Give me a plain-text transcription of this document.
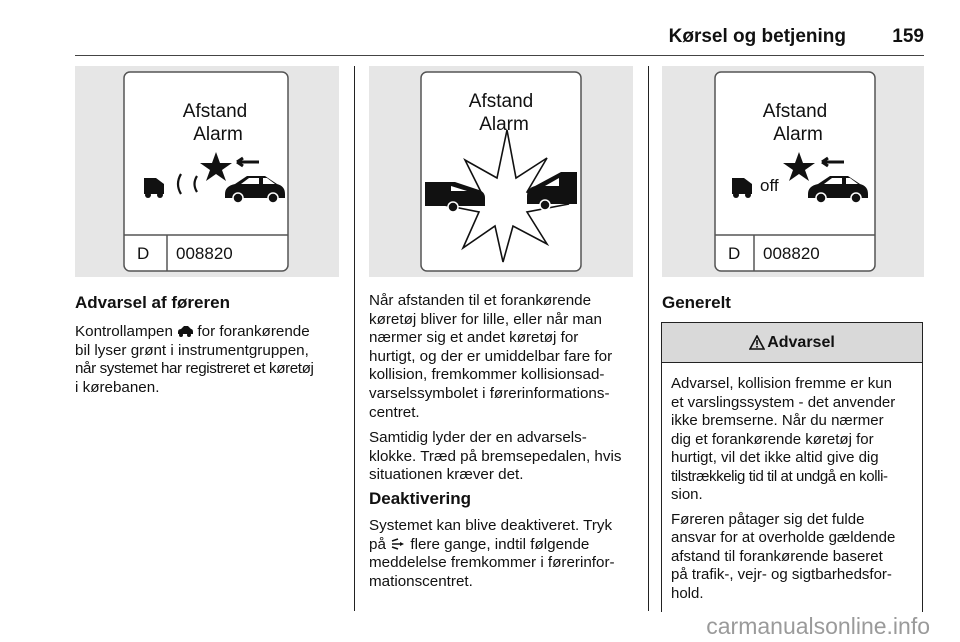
Kørsel og betjening 159
Afstand
Alarm
D 008820
Afstand
Alarm
Afstand
Alarm
off
D 008820
Advarsel af føreren
Kontrollampen for forankørende
bil lyser grønt i instrumentgruppen,
når systemet har registreret et køretøj
i kørebanen.

Når afstanden til et forankørende
køretøj bliver for lille, eller når man
nærmer sig et andet køretøj for
hurtigt, og der er umiddelbar fare for
kollision, fremkommer kollisionsad-
varselssymbolet i førerinformations-
centret.

Samtidig lyder der en advarsels-
klokke. Træd på bremsepedalen, hvis
situationen kræver det.

Deaktivering
Systemet kan blive deaktiveret. Tryk
på flere gange, indtil følgende
meddelelse fremkommer i førerinfor-
mationscentret.
Generelt
Advarsel

Advarsel, kollision fremme er kun
et varslingssystem - det anvender
ikke bremserne. Når du nærmer
dig et forankørende køretøj for
hurtigt, vil det ikke altid give dig
tilstrækkelig tid til at undgå en kolli-
sion.

Føreren påtager sig det fulde
ansvar for at overholde gældende
afstand til forankørende baseret
på trafik-, vejr- og sigtbarhedsfor-
hold.

carmanualsonline.info
